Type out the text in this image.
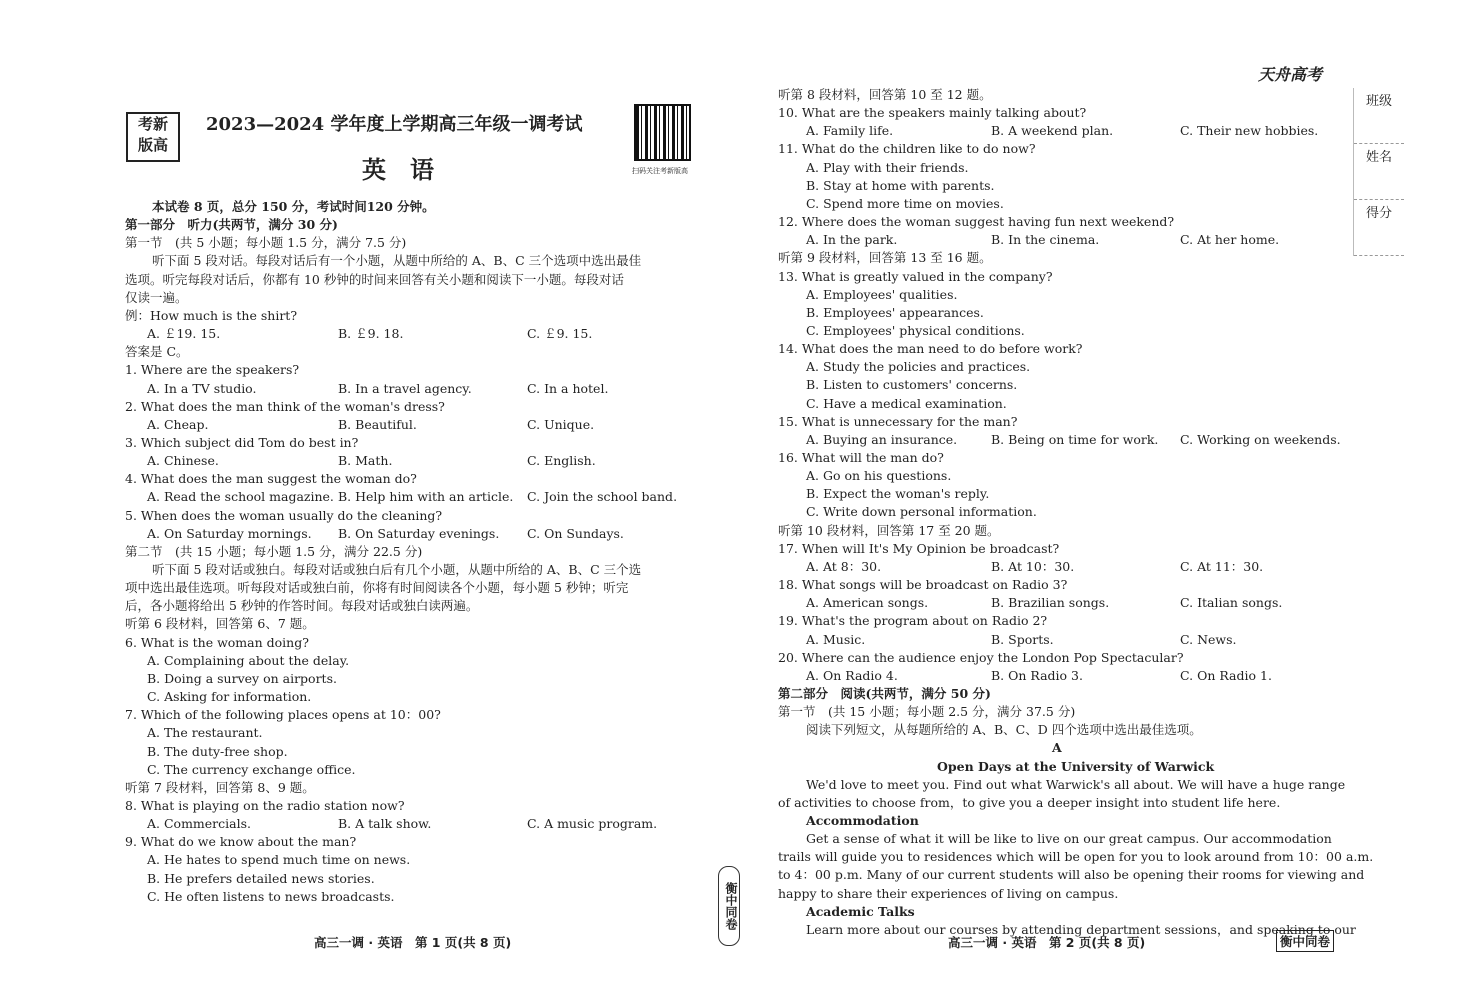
天舟高考
考新
版高
2023—2024 学年度上学期高三年级一调考试
英　语	扫码关注考新版高
班级
姓名
得分
本试卷 8 页，总分 150 分，考试时间120 分钟。
第一部分　听力(共两节，满分 30 分)
第一节　(共 5 小题；每小题 1.5 分，满分 7.5 分)
听下面 5 段对话。每段对话后有一个小题，从题中所给的 A、B、C 三个选项中选出最佳
选项。听完每段对话后，你都有 10 秒钟的时间来回答有关小题和阅读下一小题。每段对话
仅读一遍。
例：How much is the shirt?
A. ￡19. 15.	B. ￡9. 18.	C. ￡9. 15.
答案是 C。
1. Where are the speakers?
A. In a TV studio.	B. In a travel agency.	C. In a hotel.
2. What does the man think of the woman's dress?
A. Cheap.	B. Beautiful.	C. Unique.
3. Which subject did Tom do best in?
A. Chinese.	B. Math.	C. English.
4. What does the man suggest the woman do?
A. Read the school magazine. B. Help him with an article. C. Join the school band.
5. When does the woman usually do the cleaning?
A. On Saturday mornings. B. On Saturday evenings. C. On Sundays.
第二节　(共 15 小题；每小题 1.5 分，满分 22.5 分)
听下面 5 段对话或独白。每段对话或独白后有几个小题，从题中所给的 A、B、C 三个选
项中选出最佳选项。听每段对话或独白前，你将有时间阅读各个小题，每小题 5 秒钟；听完
后，各小题将给出 5 秒钟的作答时间。每段对话或独白读两遍。
听第 6 段材料，回答第 6、7 题。
6. What is the woman doing?
A. Complaining about the delay.
B. Doing a survey on airports.
C. Asking for information.
7. Which of the following places opens at 10：00?
A. The restaurant.
B. The duty-free shop.
C. The currency exchange office.
听第 7 段材料，回答第 8、9 题。
8. What is playing on the radio station now?
A. Commercials.	B. A talk show.	C. A music program.
9. What do we know about the man?
A. He hates to spend much time on news.
B. He prefers detailed news stories.
C. He often listens to news broadcasts.
听第 8 段材料，回答第 10 至 12 题。
10. What are the speakers mainly talking about?
A. Family life.	B. A weekend plan.	C. Their new hobbies.
11. What do the children like to do now?
A. Play with their friends.
B. Stay at home with parents.
C. Spend more time on movies.
12. Where does the woman suggest having fun next weekend?
A. In the park.	B. In the cinema.	C. At her home.
听第 9 段材料，回答第 13 至 16 题。
13. What is greatly valued in the company?
A. Employees' qualities.
B. Employees' appearances.
C. Employees' physical conditions.
14. What does the man need to do before work?
A. Study the policies and practices.
B. Listen to customers' concerns.
C. Have a medical examination.
15. What is unnecessary for the man?
A. Buying an insurance.	B. Being on time for work. C. Working on weekends.
16. What will the man do?
A. Go on his questions.
B. Expect the woman's reply.
C. Write down personal information.
听第 10 段材料，回答第 17 至 20 题。
17. When will It's My Opinion be broadcast?
A. At 8：30.	B. At 10：30.	C. At 11：30.
18. What songs will be broadcast on Radio 3?
A. American songs.	B. Brazilian songs.	C. Italian songs.
19. What's the program about on Radio 2?
A. Music.	B. Sports.	C. News.
20. Where can the audience enjoy the London Pop Spectacular?
A. On Radio 4.	B. On Radio 3.	C. On Radio 1.
第二部分　阅读(共两节，满分 50 分)
第一节　(共 15 小题；每小题 2.5 分，满分 37.5 分)
阅读下列短文，从每题所给的 A、B、C、D 四个选项中选出最佳选项。
A
Open Days at the University of Warwick
We'd love to meet you. Find out what Warwick's all about. We will have a huge range
of activities to choose from，to give you a deeper insight into student life here.
Accommodation
Get a sense of what it will be like to live on our great campus. Our accommodation
trails will guide you to residences which will be open for you to look around from 10：00 a.m.
to 4：00 p.m. Many of our current students will also be opening their rooms for viewing and
happy to share their experiences of living on campus.
Academic Talks
Learn more about our courses by attending department sessions，and speaking to our
衡中同卷
高三一调 · 英语　第 1 页(共 8 页)	高三一调 · 英语　第 2 页(共 8 页)	衡中同卷
